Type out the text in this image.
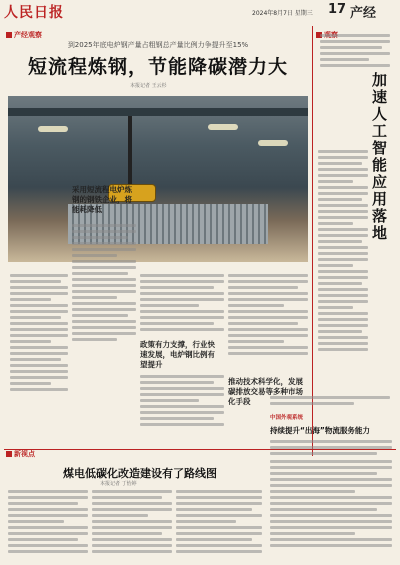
人民日报	2024年8月7日 星期三 17 产经
产经观察
新视点
到2025年底电炉钢产量占粗钢总产量比例力争提升至15%
短流程炼钢，节能降碳潜力大
本报记者 王云杉
采用短流程电炉炼钢的钢铁企业，将能耗降低
政策有力支撑，行业快速发展，电炉钢比例有望提升
推动技术科学化，发展碳排放交易等多种市场化手段
加速人工智能应用落地
中国外观系统
持续提升“出海”物流服务能力
煤电低碳化改造建设有了路线图
本报记者 丁怡婷
